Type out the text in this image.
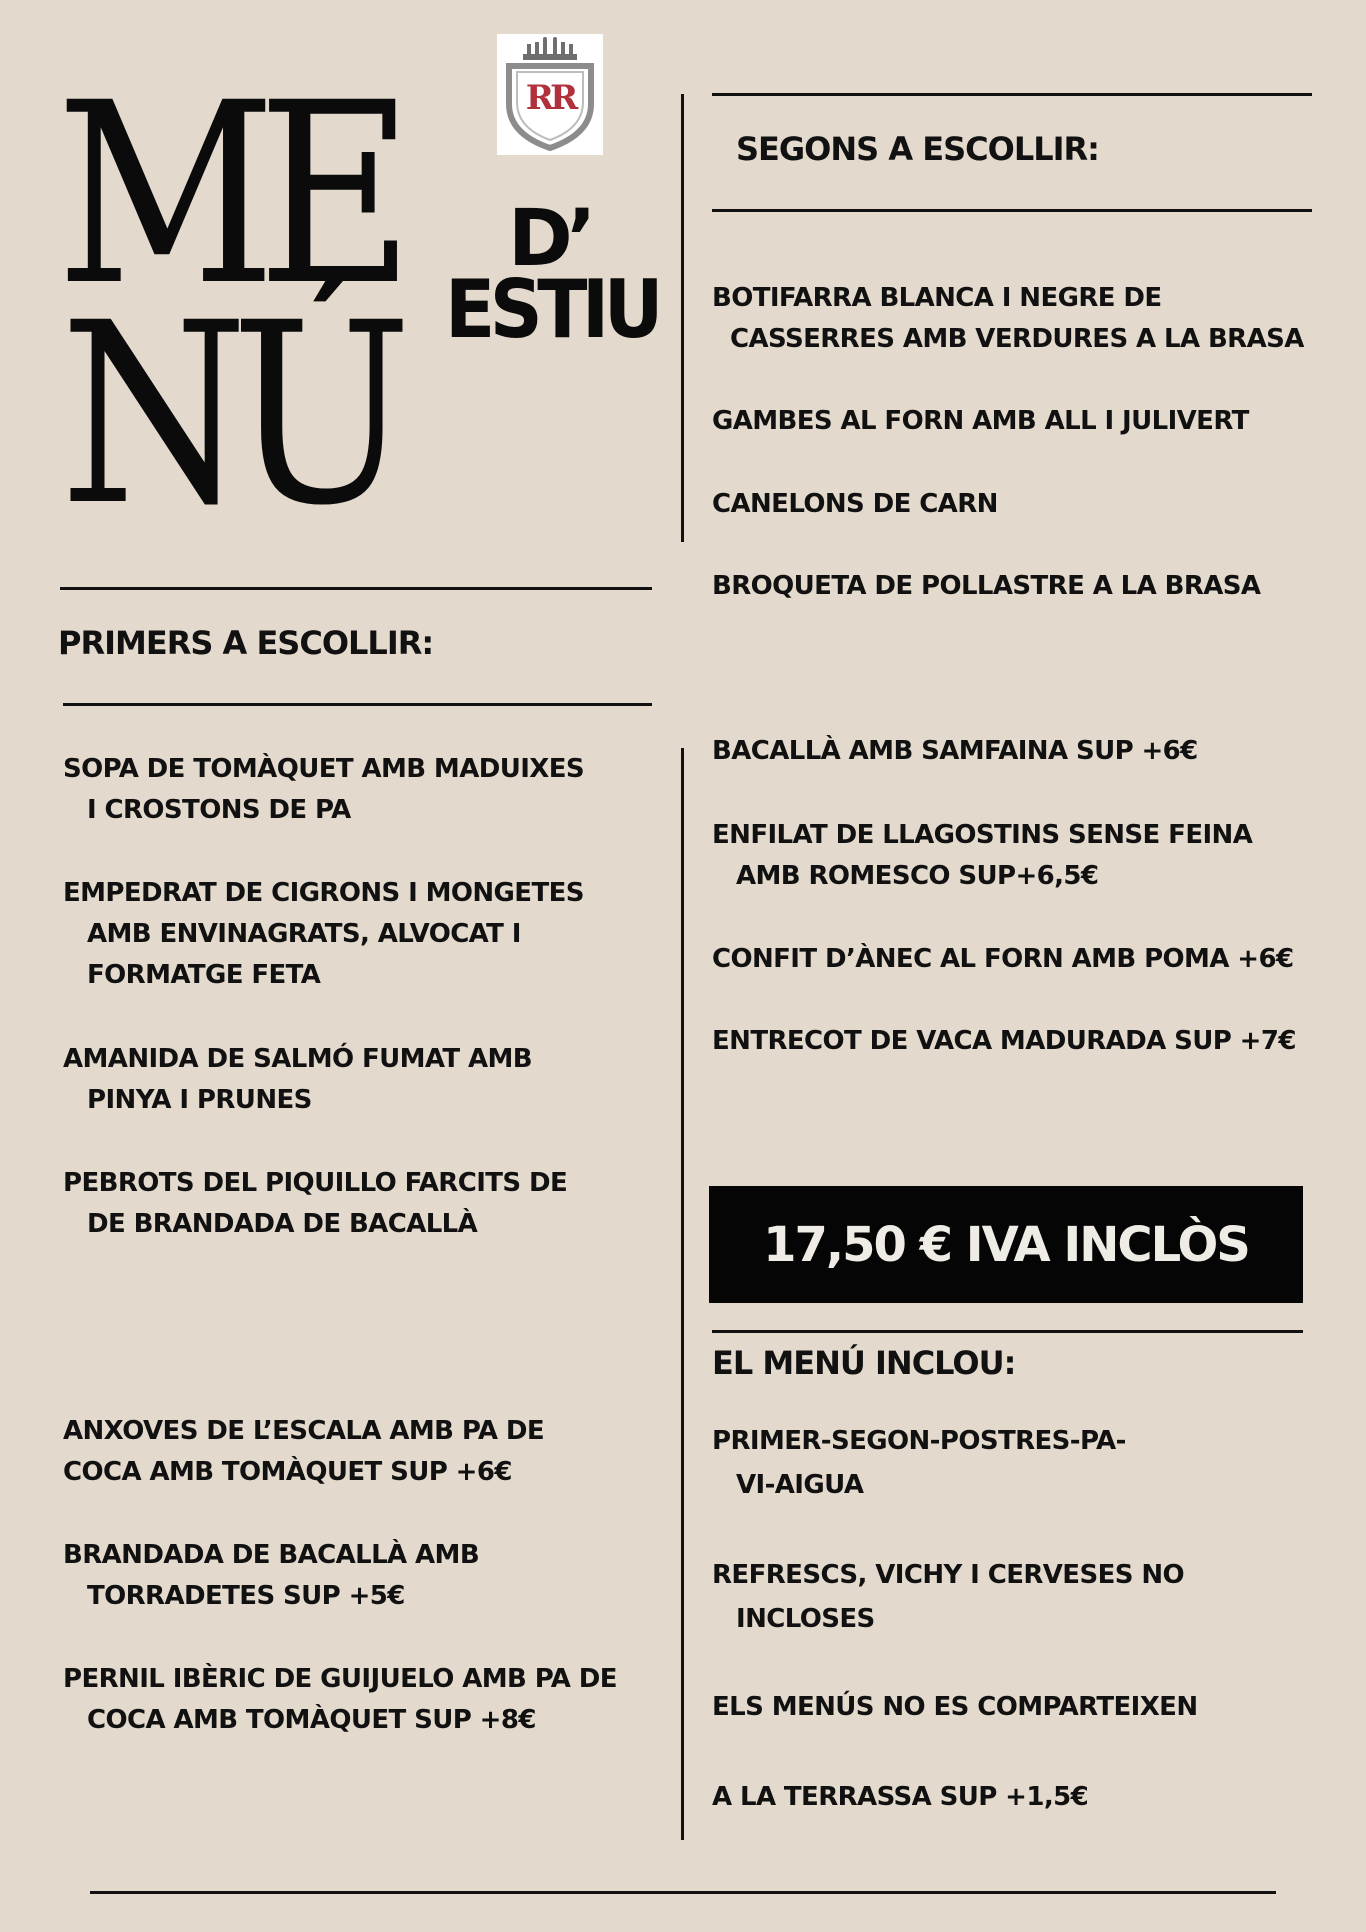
RR
ME
NÚ
D’
ESTIU
SEGONS A ESCOLLIR:
BOTIFARRA BLANCA I NEGRE DE
CASSERRES AMB VERDURES A LA BRASA
GAMBES AL FORN AMB ALL I JULIVERT
CANELONS DE CARN
BROQUETA DE POLLASTRE A LA BRASA
BACALLÀ AMB SAMFAINA SUP +6€
ENFILAT DE LLAGOSTINS SENSE FEINA
AMB ROMESCO SUP+6,5€
CONFIT D’ÀNEC AL FORN AMB POMA +6€
ENTRECOT DE VACA MADURADA SUP +7€
PRIMERS A ESCOLLIR:
SOPA DE TOMÀQUET AMB MADUIXES
I CROSTONS DE PA
EMPEDRAT DE CIGRONS I MONGETES
AMB ENVINAGRATS, ALVOCAT I
FORMATGE FETA
AMANIDA DE SALMÓ FUMAT AMB
PINYA I PRUNES
PEBROTS DEL PIQUILLO FARCITS DE
DE BRANDADA DE BACALLÀ
ANXOVES DE L’ESCALA AMB PA DE
COCA AMB TOMÀQUET SUP +6€
BRANDADA DE BACALLÀ AMB
TORRADETES SUP +5€
PERNIL IBÈRIC DE GUIJUELO AMB PA DE
COCA AMB TOMÀQUET SUP +8€
17,50 € IVA INCLÒS
EL MENÚ INCLOU:
PRIMER-SEGON-POSTRES-PA-
VI-AIGUA
REFRESCS, VICHY I CERVESES NO
INCLOSES
ELS MENÚS NO ES COMPARTEIXEN
A LA TERRASSA SUP +1,5€
